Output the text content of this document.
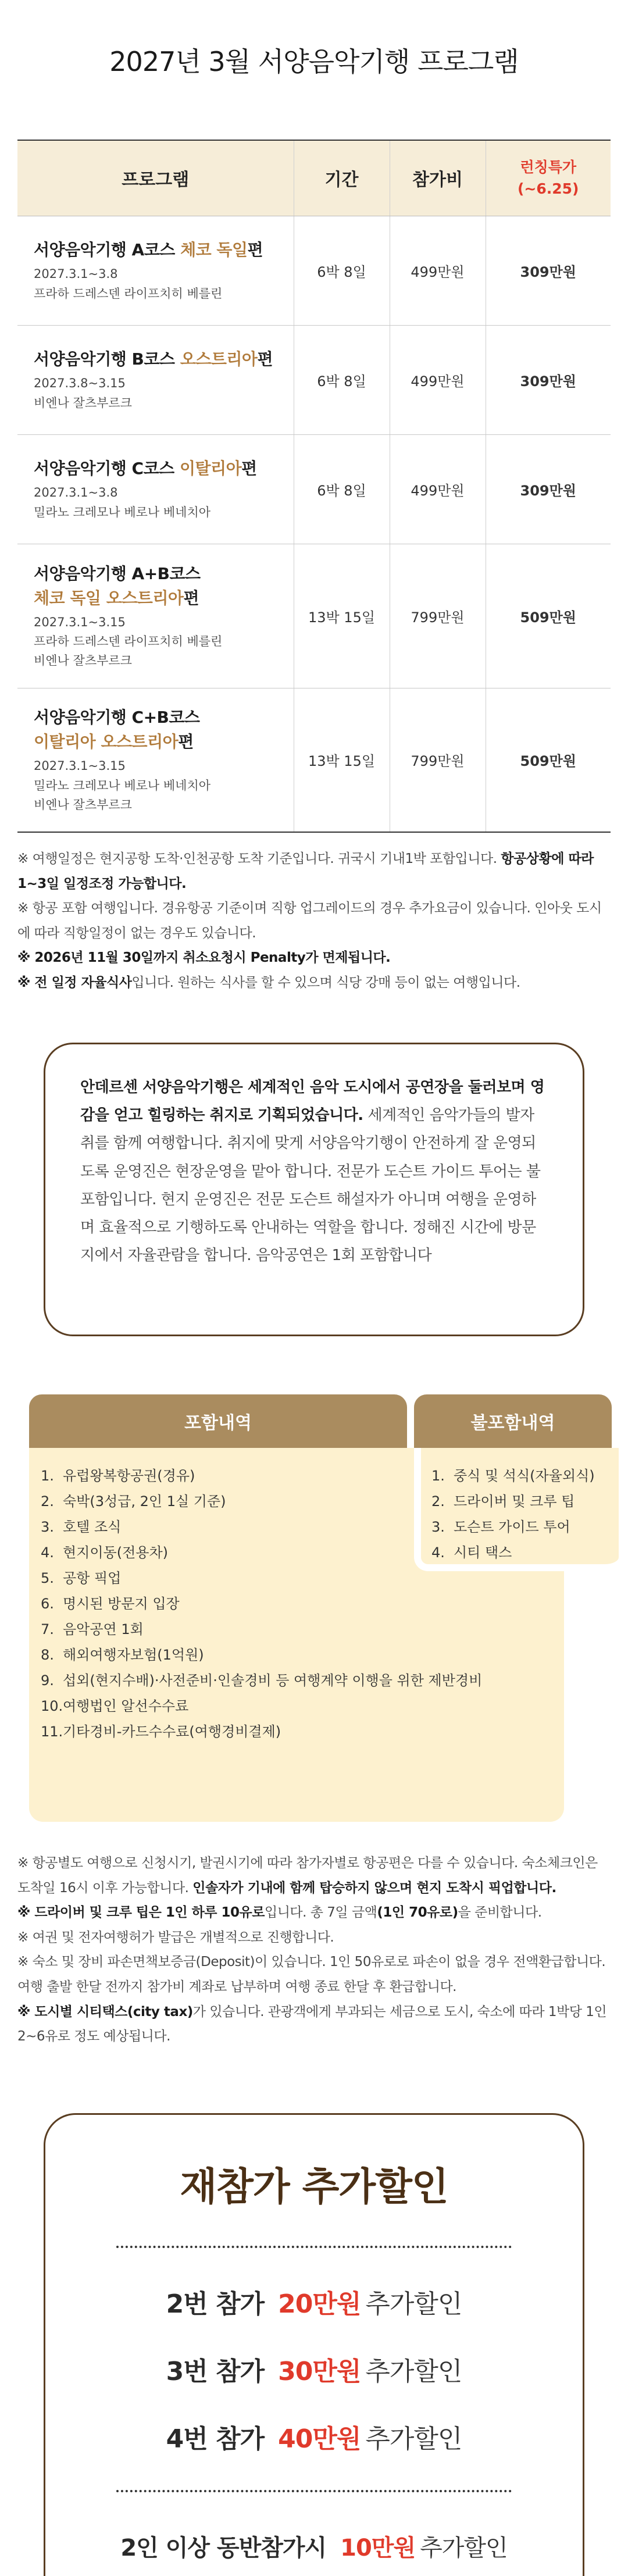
2027년 3월 서양음악기행 프로그램
프로그램	기간	참가비	런칭특가
(~6.25)

서양음악기행 A코스 체코 독일편
2027.3.1~3.8
프라하 드레스덴 라이프치히 베를린	6박 8일	499만원	309만원

서양음악기행 B코스 오스트리아편
2027.3.8~3.15
비엔나 잘츠부르크	6박 8일	499만원	309만원

서양음악기행 C코스 이탈리아편
2027.3.1~3.8
밀라노 크레모나 베로나 베네치아	6박 8일	499만원	309만원

서양음악기행 A+B코스
체코 독일 오스트리아편
2027.3.1~3.15
프라하 드레스덴 라이프치히 베를린
비엔나 잘츠부르크	13박 15일	799만원	509만원

서양음악기행 C+B코스
이탈리아 오스트리아편
2027.3.1~3.15
밀라노 크레모나 베로나 베네치아
비엔나 잘츠부르크	13박 15일	799만원	509만원

※ 여행일정은 현지공항 도착·인천공항 도착 기준입니다. 귀국시 기내1박 포함입니다. 항공상황에 따라 1~3일 일정조정 가능합니다.

※ 항공 포함 여행입니다. 경유항공 기준이며 직항 업그레이드의 경우 추가요금이 있습니다. 인아웃 도시에 따라 직항일정이 없는 경우도 있습니다.

※ 2026년 11월 30일까지 취소요청시 Penalty가 면제됩니다.

※ 전 일정 자율식사입니다. 원하는 식사를 할 수 있으며 식당 강매 등이 없는 여행입니다.

안데르센 서양음악기행은 세계적인 음악 도시에서 공연장을 둘러보며 영감을 얻고 힐링하는 취지로 기획되었습니다. 세계적인 음악가들의 발자취를 함께 여행합니다. 취지에 맞게 서양음악기행이 안전하게 잘 운영되도록 운영진은 현장운영을 맡아 합니다. 전문가 도슨트 가이드 투어는 불포함입니다. 현지 운영진은 전문 도슨트 해설자가 아니며 여행을 운영하며 효율적으로 기행하도록 안내하는 역할을 합니다. 정해진 시간에 방문지에서 자율관람을 합니다. 음악공연은 1회 포함합니다
포함내역	불포함내역
1. 유럽왕복항공권(경유)
2. 숙박(3성급, 2인 1실 기준)
3. 호텔 조식
4. 현지이동(전용차)
5. 공항 픽업
6. 명시된 방문지 입장
7. 음악공연 1회
8. 해외여행자보험(1억원)
9. 섭외(현지수배)·사전준비·인솔경비 등 여행계약 이행을 위한 제반경비
10.여행법인 알선수수료
11.기타경비-카드수수료(여행경비결제)
1. 중식 및 석식(자율외식)
2. 드라이버 및 크루 팁
3. 도슨트 가이드 투어
4. 시티 택스

※ 항공별도 여행으로 신청시기, 발권시기에 따라 참가자별로 항공편은 다를 수 있습니다. 숙소체크인은 도착일 16시 이후 가능합니다. 인솔자가 기내에 함께 탑승하지 않으며 현지 도착시 픽업합니다.

※ 드라이버 및 크루 팁은 1인 하루 10유로입니다. 총 7일 금액(1인 70유로)을 준비합니다.

※ 여권 및 전자여행허가 발급은 개별적으로 진행합니다.

※ 숙소 및 장비 파손면책보증금(Deposit)이 있습니다. 1인 50유로로 파손이 없을 경우 전액환급합니다. 여행 출발 한달 전까지 참가비 계좌로 납부하며 여행 종료 한달 후 환급합니다.

※ 도시별 시티택스(city tax)가 있습니다. 관광객에게 부과되는 세금으로 도시, 숙소에 따라 1박당 1인 2~6유로 정도 예상됩니다.

재참가 추가할인
2번 참가 20만원 추가할인
3번 참가 30만원 추가할인
4번 참가 40만원 추가할인
2인 이상 동반참가시 10만원 추가할인
